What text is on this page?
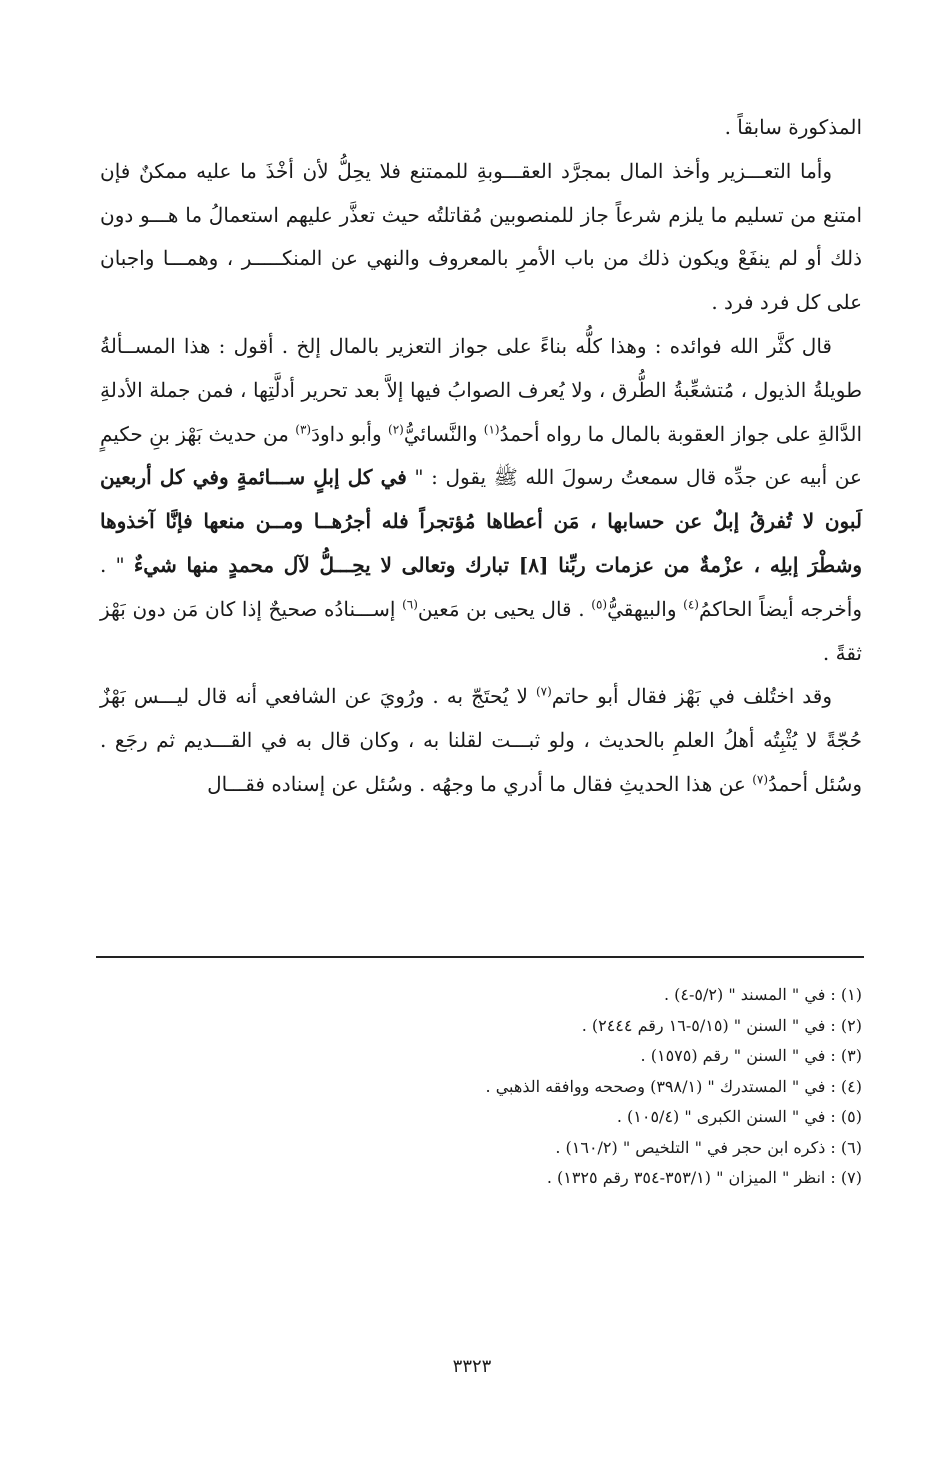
المذكورة سابقاً .

وأما التعـــزير وأخذ المال بمجرَّد العقـــوبةِ للممتنع فلا يحِلُّ لأن أخْذَ ما عليه ممكنٌ فإن امتنع من تسليم ما يلزم شرعاً جاز للمنصوبين مُقاتلتُه حيث تعذَّر عليهم استعمالُ ما هـــو دون ذلك أو لم ينفَعْ ويكون ذلك من باب الأمرِ بالمعروف والنهي عن المنكـــــر ، وهمـــا واجبان على كل فرد فرد .

قال كثَّر الله فوائده : وهذا كلُّه بناءً على جواز التعزير بالمال إلخ . أقول : هذا المســألةُ طويلةُ الذيول ، مُتشعِّبةُ الطُّرق ، ولا يُعرف الصوابُ فيها إلاَّ بعد تحرير أدلَّتِها ، فمن جملة الأدلةِ الدَّالةِ على جواز العقوبة بالمال ما رواه أحمدُ$^{(١)}$ والنَّسائيُّ$^{(٢)}$ وأبو داودَ$^{(٣)}$ من حديث بَهْز بنِ حكيمٍ عن أبيه عن جدِّه قال سمعتُ رسولَ الله ﷺ يقول : " في كل إبلٍ ســـائمةٍ وفي كل أربعين لَبون لا تُفرقُ إبلٌ عن حسابها ، مَن أعطاها مُؤتجراً فله أجرُهــا ومــن منعها فإنَّا آخذوها وشطْرَ إبلِه ، عزْمةٌ من عزمات ربِّنا [٨] تبارك وتعالى لا يحِـــلُّ لآل محمدٍ منها شيءٌ " . وأخرجه أيضاً الحاكمُ$^{(٤)}$ والبيهقيُّ$^{(٥)}$ . قال يحيى بن مَعين$^{(٦)}$ إســـنادُه صحيحٌ إذا كان مَن دون بَهْز ثقةً .

وقد اختُلف في بَهْز فقال أبو حاتم$^{(٧)}$ لا يُحتَجّ به . ورُويَ عن الشافعي أنه قال ليـــس بَهْزٌ حُجّةً لا يُثْبِتُه أهلُ العلمِ بالحديث ، ولو ثبـــت لقلنا به ، وكان قال به في القـــديم ثم رجَع . وسُئل أحمدُ$^{(٧)}$ عن هذا الحديثِ فقال ما أدري ما وجهُه . وسُئل عن إسناده فقـــال

(١) : في " المسند " (٥/٢-٤) .

(٢) : في " السنن " (٥/١٥-١٦ رقم ٢٤٤٤) .

(٣) : في " السنن " رقم (١٥٧٥) .

(٤) : في " المستدرك " (٣٩٨/١) وصححه ووافقه الذهبي .

(٥) : في " السنن الكبرى " (١٠٥/٤) .

(٦) : ذكره ابن حجر في " التلخيص " (١٦٠/٢) .

(٧) : انظر " الميزان " (٣٥٣/١-٣٥٤ رقم ١٣٢٥) .

٣٣٢٣
